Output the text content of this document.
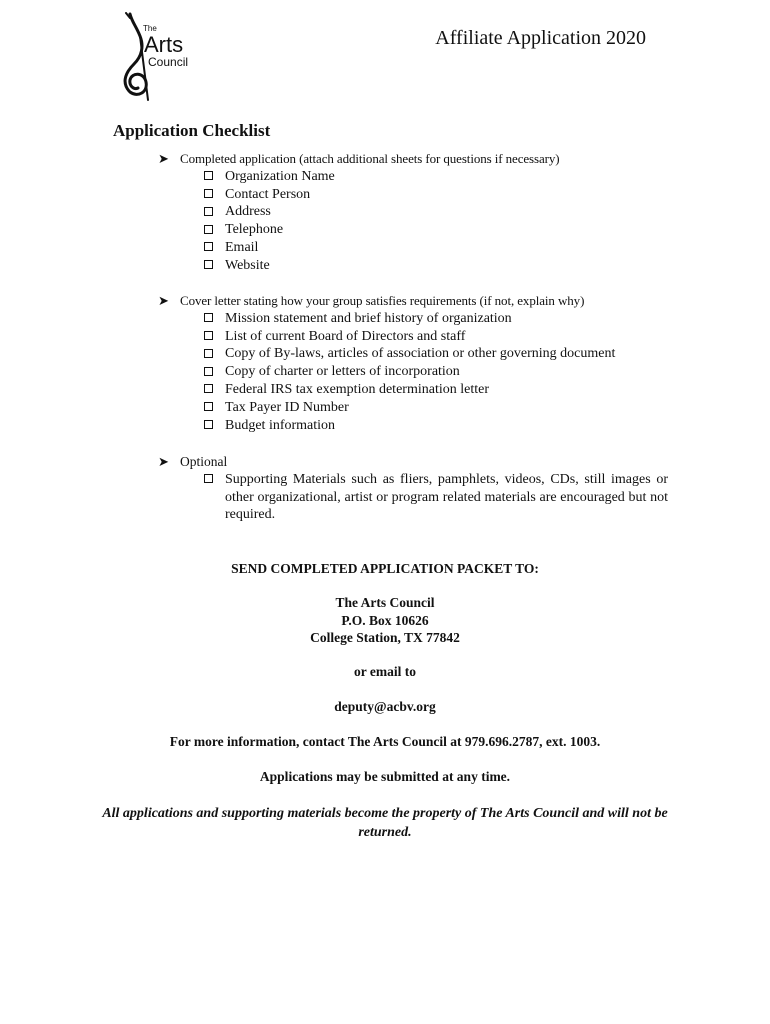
The
Arts
Council
Affiliate Application 2020
Application Checklist
➤ Completed application (attach additional sheets for questions if necessary)
Organization Name
Contact Person
Address
Telephone
Email
Website
➤ Cover letter stating how your group satisfies requirements (if not, explain why)
Mission statement and brief history of organization
List of current Board of Directors and staff
Copy of By-laws, articles of association or other governing document
Copy of charter or letters of incorporation
Federal IRS tax exemption determination letter
Tax Payer ID Number
Budget information
➤ Optional
Supporting Materials such as fliers, pamphlets, videos, CDs, still images or other organizational, artist or program related materials are encouraged but not required.
SEND COMPLETED APPLICATION PACKET TO:
The Arts Council
P.O. Box 10626
College Station, TX 77842
or email to
deputy@acbv.org
For more information, contact The Arts Council at 979.696.2787, ext. 1003.
Applications may be submitted at any time.
All applications and supporting materials become the property of The Arts Council and will not be returned.
